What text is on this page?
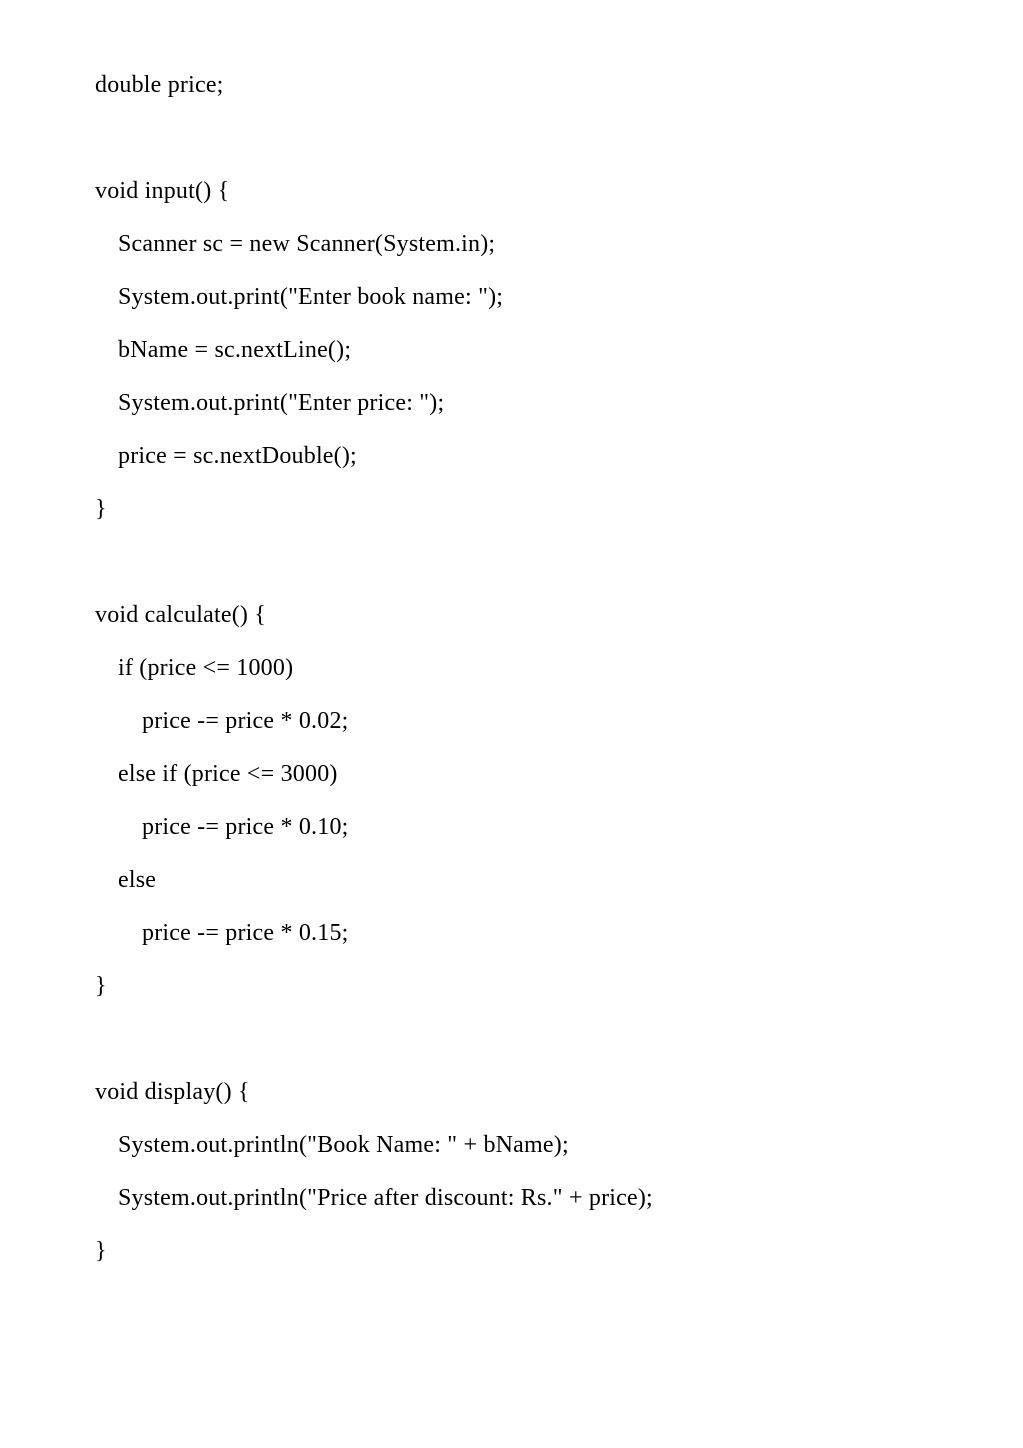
double price;

void input() {
Scanner sc = new Scanner(System.in);
System.out.print("Enter book name: ");
bName = sc.nextLine();
System.out.print("Enter price: ");
price = sc.nextDouble();
}

void calculate() {
if (price <= 1000)
price -= price * 0.02;
else if (price <= 3000)
price -= price * 0.10;
else
price -= price * 0.15;
}

void display() {
System.out.println("Book Name: " + bName);
System.out.println("Price after discount: Rs." + price);
}
